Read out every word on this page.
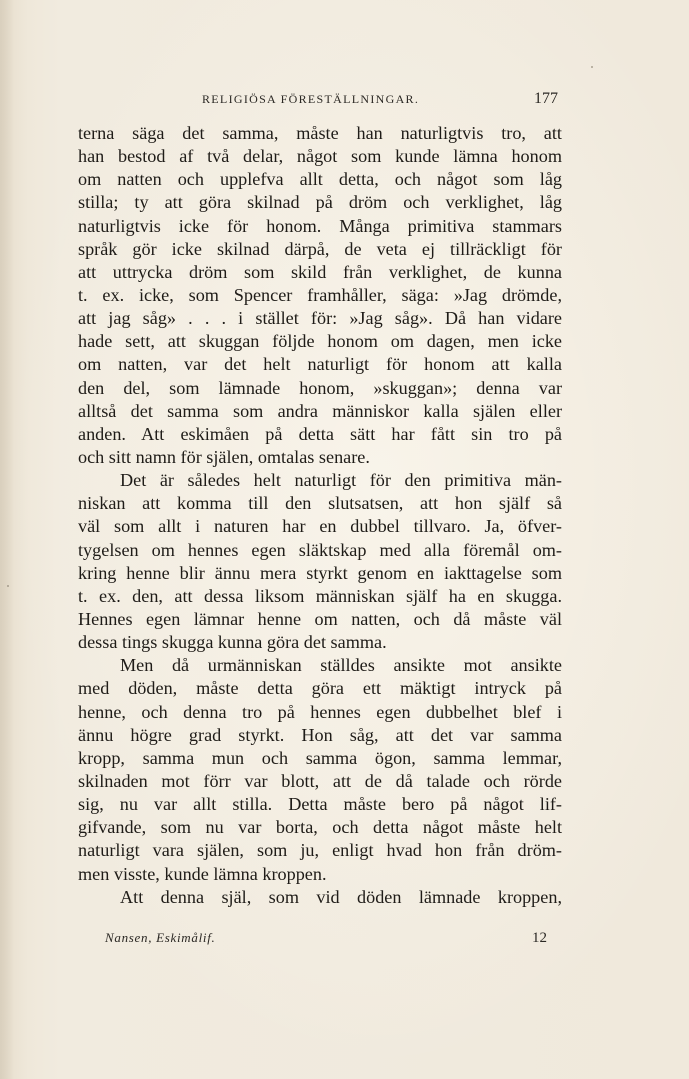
RELIGIÖSA FÖRESTÄLLNINGAR.	177
terna säga det samma, måste han naturligtvis tro, att
han bestod af två delar, något som kunde lämna honom
om natten och upplefva allt detta, och något som låg
stilla; ty att göra skilnad på dröm och verklighet, låg
naturligtvis icke för honom. Många primitiva stammars
språk gör icke skilnad därpå, de veta ej tillräckligt för
att uttrycka dröm som skild från verklighet, de kunna
t. ex. icke, som Spencer framhåller, säga: »Jag drömde,
att jag såg» . . . i stället för: »Jag såg». Då han vidare
hade sett, att skuggan följde honom om dagen, men icke
om natten, var det helt naturligt för honom att kalla
den del, som lämnade honom, »skuggan»; denna var
alltså det samma som andra människor kalla själen eller
anden. Att eskimåen på detta sätt har fått sin tro på
och sitt namn för själen, omtalas senare.
Det är således helt naturligt för den primitiva män-
niskan att komma till den slutsatsen, att hon själf så
väl som allt i naturen har en dubbel tillvaro. Ja, öfver-
tygelsen om hennes egen släktskap med alla föremål om-
kring henne blir ännu mera styrkt genom en iakttagelse som
t. ex. den, att dessa liksom människan själf ha en skugga.
Hennes egen lämnar henne om natten, och då måste väl
dessa tings skugga kunna göra det samma.
Men då urmänniskan ställdes ansikte mot ansikte
med döden, måste detta göra ett mäktigt intryck på
henne, och denna tro på hennes egen dubbelhet blef i
ännu högre grad styrkt. Hon såg, att det var samma
kropp, samma mun och samma ögon, samma lemmar,
skilnaden mot förr var blott, att de då talade och rörde
sig, nu var allt stilla. Detta måste bero på något lif-
gifvande, som nu var borta, och detta något måste helt
naturligt vara själen, som ju, enligt hvad hon från dröm-
men visste, kunde lämna kroppen.
Att denna själ, som vid döden lämnade kroppen,
Nansen, Eskimålif.	12
